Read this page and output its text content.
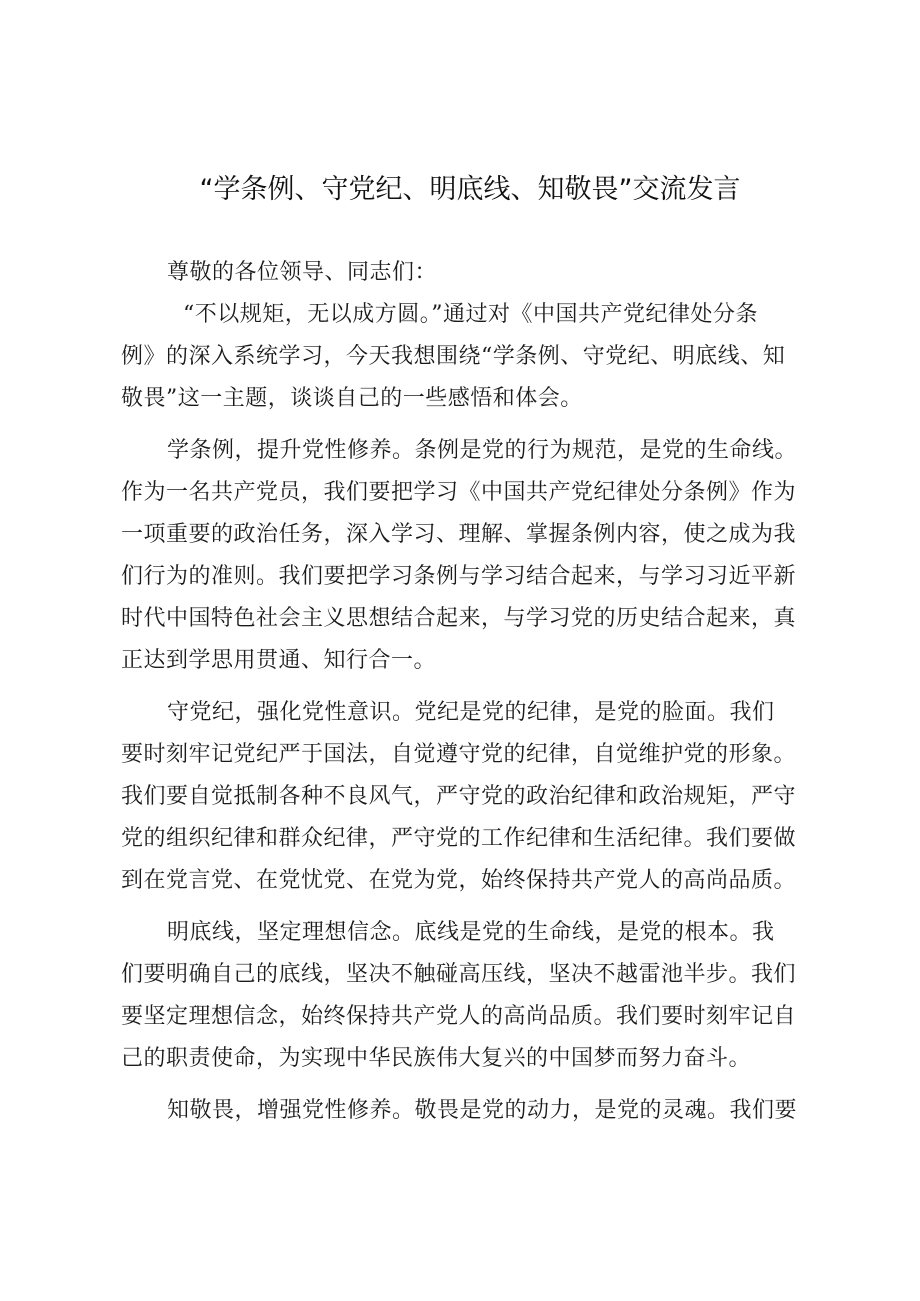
“学条例、守党纪、明底线、知敬畏”交流发言
尊敬的各位领导、同志们：
“不以规矩，无以成方圆。”通过对《中国共产党纪律处分条
例》的深入系统学习，今天我想围绕“学条例、守党纪、明底线、知
敬畏”这一主题，谈谈自己的一些感悟和体会。
学条例，提升党性修养。条例是党的行为规范，是党的生命线。
作为一名共产党员，我们要把学习《中国共产党纪律处分条例》作为
一项重要的政治任务，深入学习、理解、掌握条例内容，使之成为我
们行为的准则。我们要把学习条例与学习结合起来，与学习习近平新
时代中国特色社会主义思想结合起来，与学习党的历史结合起来，真
正达到学思用贯通、知行合一。
守党纪，强化党性意识。党纪是党的纪律，是党的脸面。我们
要时刻牢记党纪严于国法，自觉遵守党的纪律，自觉维护党的形象。
我们要自觉抵制各种不良风气，严守党的政治纪律和政治规矩，严守
党的组织纪律和群众纪律，严守党的工作纪律和生活纪律。我们要做
到在党言党、在党忧党、在党为党，始终保持共产党人的高尚品质。
明底线，坚定理想信念。底线是党的生命线，是党的根本。我
们要明确自己的底线，坚决不触碰高压线，坚决不越雷池半步。我们
要坚定理想信念，始终保持共产党人的高尚品质。我们要时刻牢记自
己的职责使命，为实现中华民族伟大复兴的中国梦而努力奋斗。
知敬畏，增强党性修养。敬畏是党的动力，是党的灵魂。我们要
